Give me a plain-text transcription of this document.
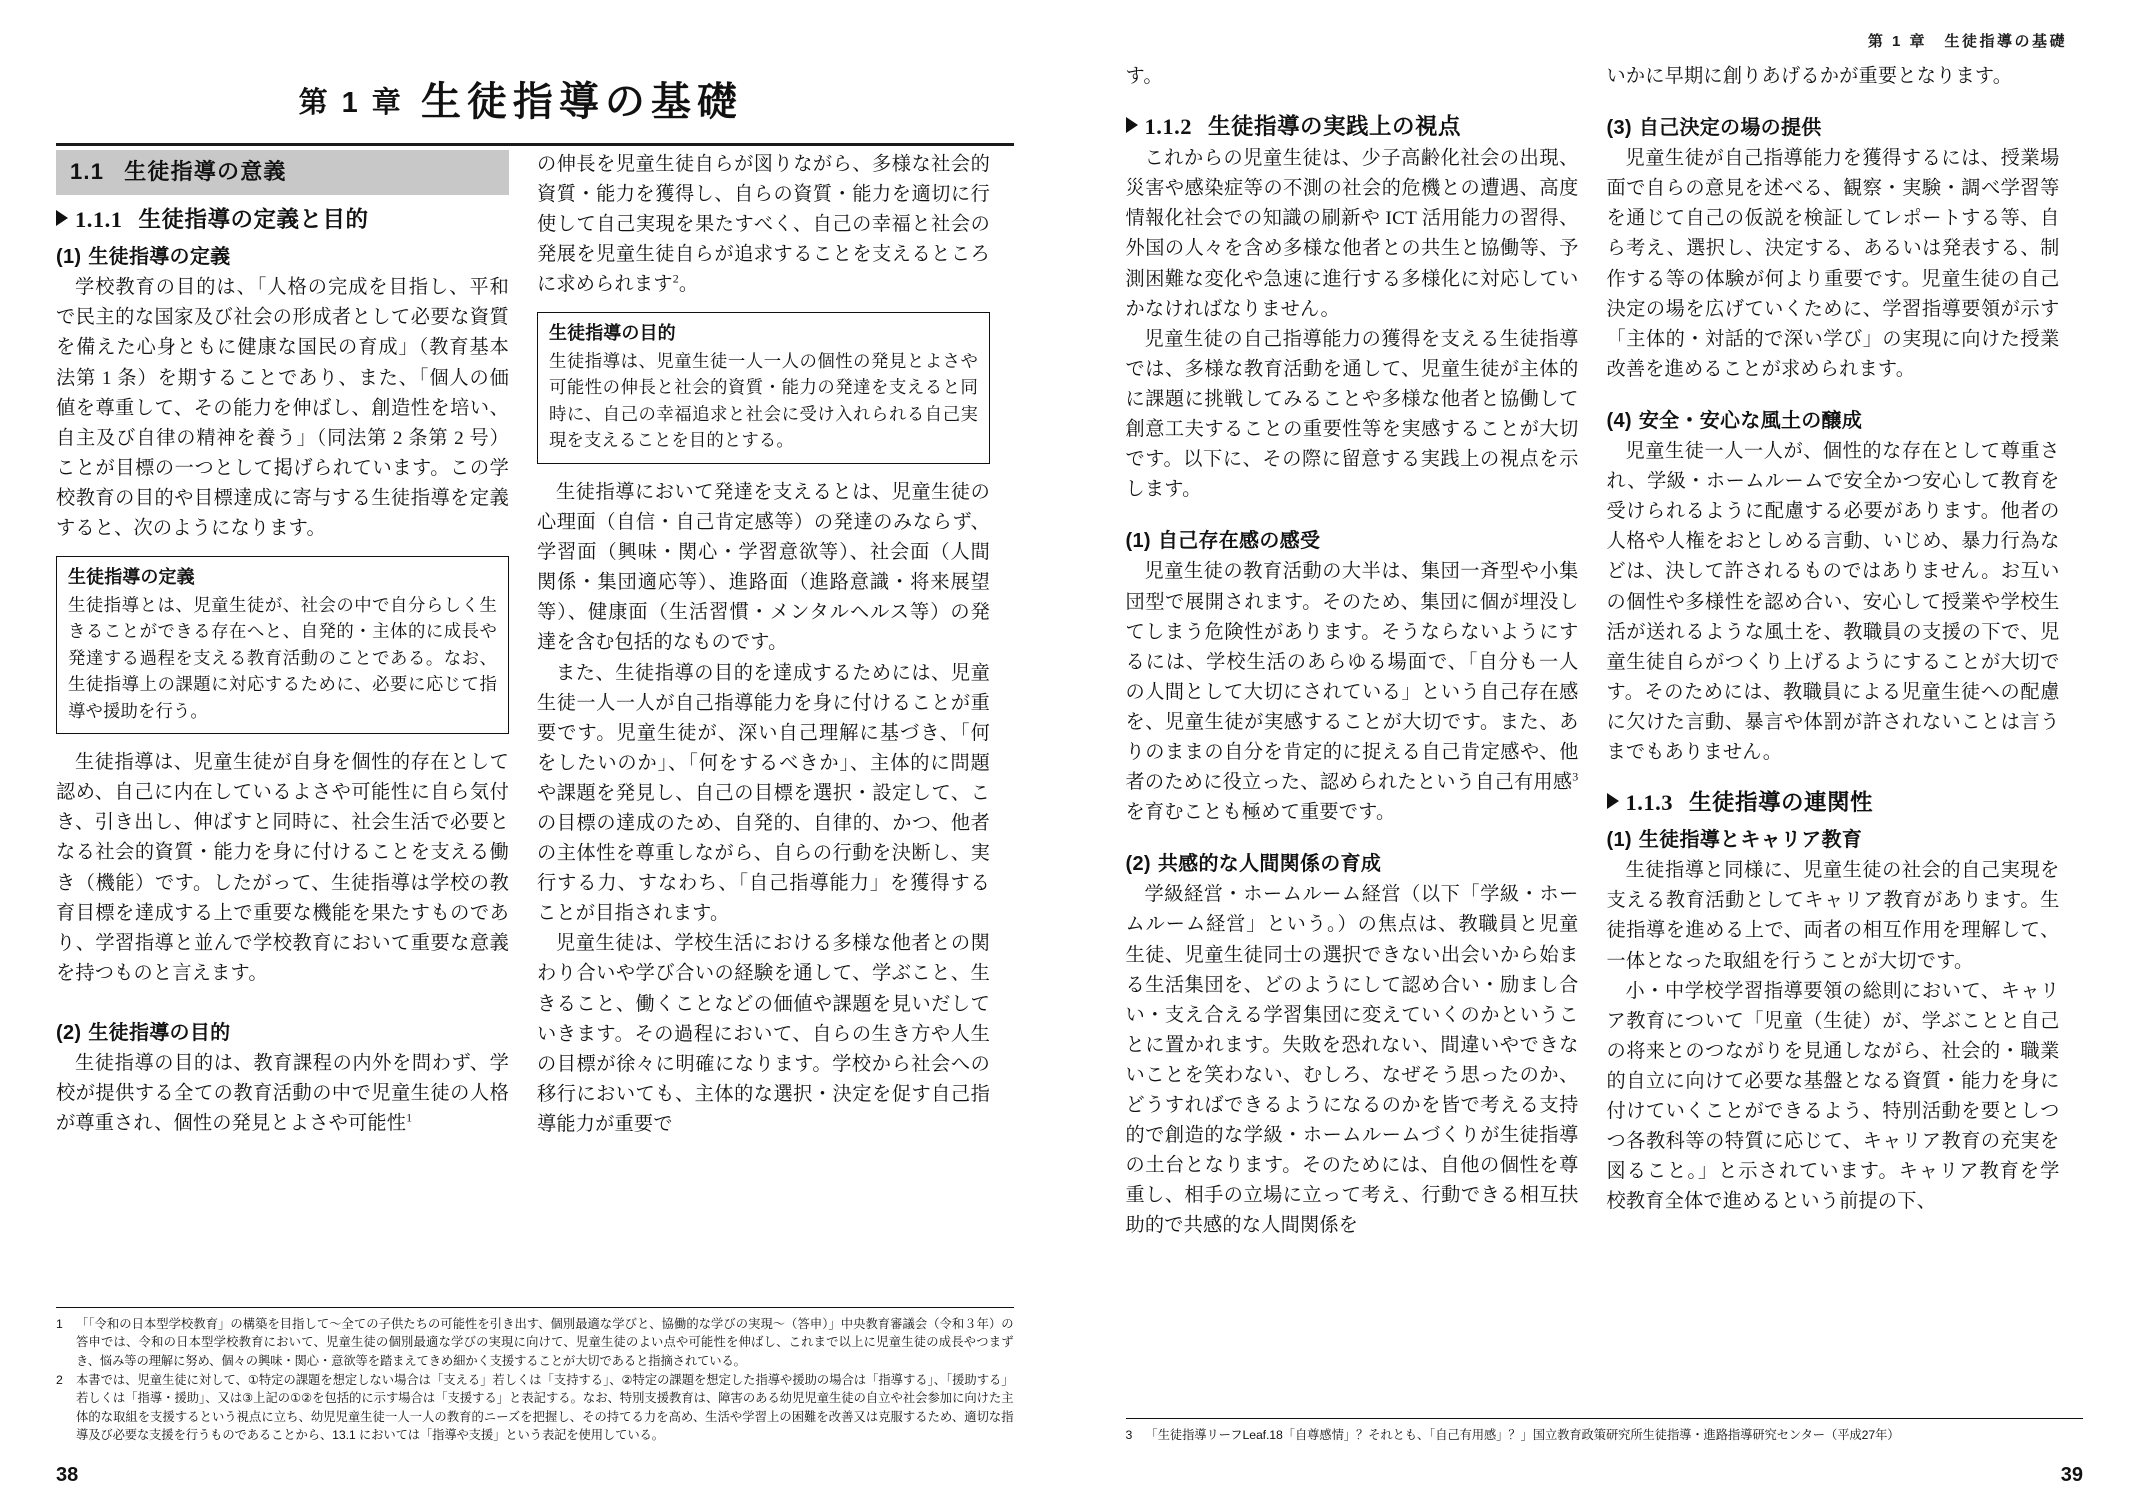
第 1 章 生徒指導の基礎
1.1 生徒指導の意義
1.1.1 生徒指導の定義と目的
(1) 生徒指導の定義

学校教育の目的は、「人格の完成を目指し、平和で民主的な国家及び社会の形成者として必要な資質を備えた心身ともに健康な国民の育成」（教育基本法第 1 条）を期することであり、また、「個人の価値を尊重して、その能力を伸ばし、創造性を培い、自主及び自律の精神を養う」（同法第 2 条第 2 号）ことが目標の一つとして掲げられています。この学校教育の目的や目標達成に寄与する生徒指導を定義すると、次のようになります。

生徒指導の定義
生徒指導とは、児童生徒が、社会の中で自分らしく生きることができる存在へと、自発的・主体的に成長や発達する過程を支える教育活動のことである。なお、生徒指導上の課題に対応するために、必要に応じて指導や援助を行う。

生徒指導は、児童生徒が自身を個性的存在として認め、自己に内在しているよさや可能性に自ら気付き、引き出し、伸ばすと同時に、社会生活で必要となる社会的資質・能力を身に付けることを支える働き（機能）です。したがって、生徒指導は学校の教育目標を達成する上で重要な機能を果たすものであり、学習指導と並んで学校教育において重要な意義を持つものと言えます。

(2) 生徒指導の目的

生徒指導の目的は、教育課程の内外を問わず、学校が提供する全ての教育活動の中で児童生徒の人格が尊重され、個性の発見とよさや可能性$^1$

の伸長を児童生徒自らが図りながら、多様な社会的資質・能力を獲得し、自らの資質・能力を適切に行使して自己実現を果たすべく、自己の幸福と社会の発展を児童生徒自らが追求することを支えるところに求められます$^2$。

生徒指導の目的
生徒指導は、児童生徒一人一人の個性の発見とよさや可能性の伸長と社会的資質・能力の発達を支えると同時に、自己の幸福追求と社会に受け入れられる自己実現を支えることを目的とする。

生徒指導において発達を支えるとは、児童生徒の心理面（自信・自己肯定感等）の発達のみならず、学習面（興味・関心・学習意欲等）、社会面（人間関係・集団適応等）、進路面（進路意識・将来展望等）、健康面（生活習慣・メンタルヘルス等）の発達を含む包括的なものです。

また、生徒指導の目的を達成するためには、児童生徒一人一人が自己指導能力を身に付けることが重要です。児童生徒が、深い自己理解に基づき、「何をしたいのか」、「何をするべきか」、主体的に問題や課題を発見し、自己の目標を選択・設定して、この目標の達成のため、自発的、自律的、かつ、他者の主体性を尊重しながら、自らの行動を決断し、実行する力、すなわち、「自己指導能力」を獲得することが目指されます。

児童生徒は、学校生活における多様な他者との関わり合いや学び合いの経験を通して、学ぶこと、生きること、働くことなどの価値や課題を見いだしていきます。その過程において、自らの生き方や人生の目標が徐々に明確になります。学校から社会への移行においても、主体的な選択・決定を促す自己指導能力が重要で

1	「「令和の日本型学校教育」の構築を目指して～全ての子供たちの可能性を引き出す、個別最適な学びと、協働的な学びの実現～（答申）」中央教育審議会（令和３年）の答申では、令和の日本型学校教育において、児童生徒の個別最適な学びの実現に向けて、児童生徒のよい点や可能性を伸ばし、これまで以上に児童生徒の成長やつまずき、悩み等の理解に努め、個々の興味・関心・意欲等を踏まえてきめ細かく支援することが大切であると指摘されている。
2	本書では、児童生徒に対して、①特定の課題を想定しない場合は「支える」若しくは「支持する」、②特定の課題を想定した指導や援助の場合は「指導する」、「援助する」若しくは「指導・援助」、又は③上記の①②を包括的に示す場合は「支援する」と表記する。なお、特別支援教育は、障害のある幼児児童生徒の自立や社会参加に向けた主体的な取組を支援するという視点に立ち、幼児児童生徒一人一人の教育的ニーズを把握し、その持てる力を高め、生活や学習上の困難を改善又は克服するため、適切な指導及び必要な支援を行うものであることから、13.1 においては「指導や支援」という表記を使用している。
38
第 1 章　生徒指導の基礎

す。

1.1.2 生徒指導の実践上の視点

これからの児童生徒は、少子高齢化社会の出現、災害や感染症等の不測の社会的危機との遭遇、高度情報化社会での知識の刷新や ICT 活用能力の習得、外国の人々を含め多様な他者との共生と協働等、予測困難な変化や急速に進行する多様化に対応していかなければなりません。

児童生徒の自己指導能力の獲得を支える生徒指導では、多様な教育活動を通して、児童生徒が主体的に課題に挑戦してみることや多様な他者と協働して創意工夫することの重要性等を実感することが大切です。以下に、その際に留意する実践上の視点を示します。

(1) 自己存在感の感受

児童生徒の教育活動の大半は、集団一斉型や小集団型で展開されます。そのため、集団に個が埋没してしまう危険性があります。そうならないようにするには、学校生活のあらゆる場面で、「自分も一人の人間として大切にされている」という自己存在感を、児童生徒が実感することが大切です。また、ありのままの自分を肯定的に捉える自己肯定感や、他者のために役立った、認められたという自己有用感$^3$を育むことも極めて重要です。

(2) 共感的な人間関係の育成

学級経営・ホームルーム経営（以下「学級・ホームルーム経営」という。）の焦点は、教職員と児童生徒、児童生徒同士の選択できない出会いから始まる生活集団を、どのようにして認め合い・励まし合い・支え合える学習集団に変えていくのかということに置かれます。失敗を恐れない、間違いやできないことを笑わない、むしろ、なぜそう思ったのか、どうすればできるようになるのかを皆で考える支持的で創造的な学級・ホームルームづくりが生徒指導の土台となります。そのためには、自他の個性を尊重し、相手の立場に立って考え、行動できる相互扶助的で共感的な人間関係を

いかに早期に創りあげるかが重要となります。

(3) 自己決定の場の提供

児童生徒が自己指導能力を獲得するには、授業場面で自らの意見を述べる、観察・実験・調べ学習等を通じて自己の仮説を検証してレポートする等、自ら考え、選択し、決定する、あるいは発表する、制作する等の体験が何より重要です。児童生徒の自己決定の場を広げていくために、学習指導要領が示す「主体的・対話的で深い学び」の実現に向けた授業改善を進めることが求められます。

(4) 安全・安心な風土の醸成

児童生徒一人一人が、個性的な存在として尊重され、学級・ホームルームで安全かつ安心して教育を受けられるように配慮する必要があります。他者の人格や人権をおとしめる言動、いじめ、暴力行為などは、決して許されるものではありません。お互いの個性や多様性を認め合い、安心して授業や学校生活が送れるような風土を、教職員の支援の下で、児童生徒自らがつくり上げるようにすることが大切です。そのためには、教職員による児童生徒への配慮に欠けた言動、暴言や体罰が許されないことは言うまでもありません。

1.1.3 生徒指導の連関性
(1) 生徒指導とキャリア教育

生徒指導と同様に、児童生徒の社会的自己実現を支える教育活動としてキャリア教育があります。生徒指導を進める上で、両者の相互作用を理解して、一体となった取組を行うことが大切です。

小・中学校学習指導要領の総則において、キャリア教育について「児童（生徒）が、学ぶことと自己の将来とのつながりを見通しながら、社会的・職業的自立に向けて必要な基盤となる資質・能力を身に付けていくことができるよう、特別活動を要としつつ各教科等の特質に応じて、キャリア教育の充実を図ること。」と示されています。キャリア教育を学校教育全体で進めるという前提の下、

3	「生徒指導リーフLeaf.18「自尊感情」？それとも、「自己有用感」？」国立教育政策研究所生徒指導・進路指導研究センター（平成27年）
39
